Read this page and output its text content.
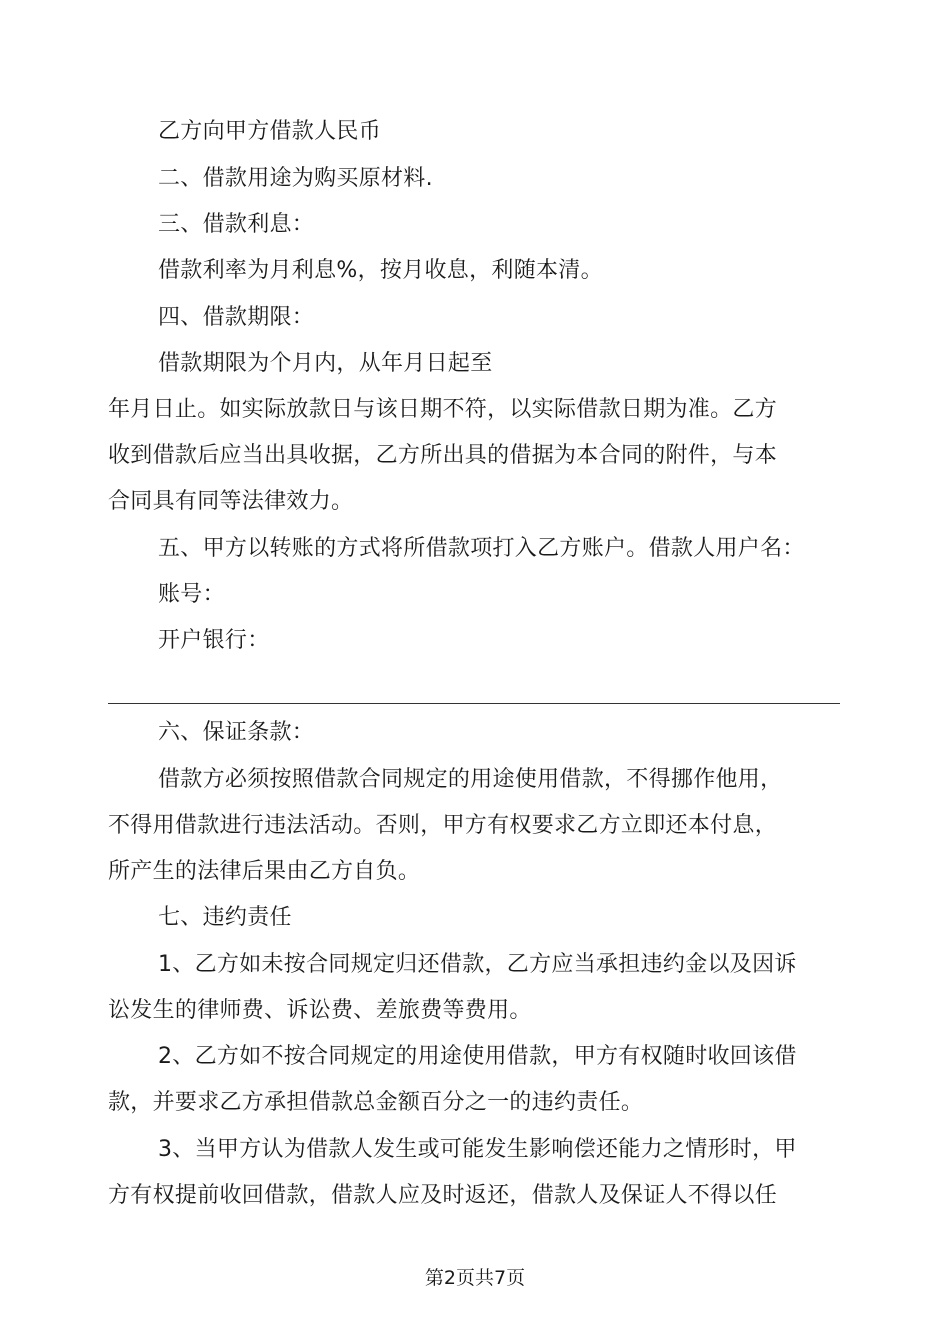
乙方向甲方借款人民币
二、借款用途为购买原材料.
三、借款利息：
借款利率为月利息%，按月收息，利随本清。
四、借款期限：
借款期限为个月内，从年月日起至
年月日止。如实际放款日与该日期不符，以实际借款日期为准。乙方
收到借款后应当出具收据，乙方所出具的借据为本合同的附件，与本
合同具有同等法律效力。
五、甲方以转账的方式将所借款项打入乙方账户。借款人用户名：
账号：
开户银行：
六、保证条款：
借款方必须按照借款合同规定的用途使用借款，不得挪作他用，
不得用借款进行违法活动。否则，甲方有权要求乙方立即还本付息，
所产生的法律后果由乙方自负。
七、违约责任
1、乙方如未按合同规定归还借款，乙方应当承担违约金以及因诉
讼发生的律师费、诉讼费、差旅费等费用。
2、乙方如不按合同规定的用途使用借款，甲方有权随时收回该借
款，并要求乙方承担借款总金额百分之一的违约责任。
3、当甲方认为借款人发生或可能发生影响偿还能力之情形时，甲
方有权提前收回借款，借款人应及时返还，借款人及保证人不得以任
第2页共7页
